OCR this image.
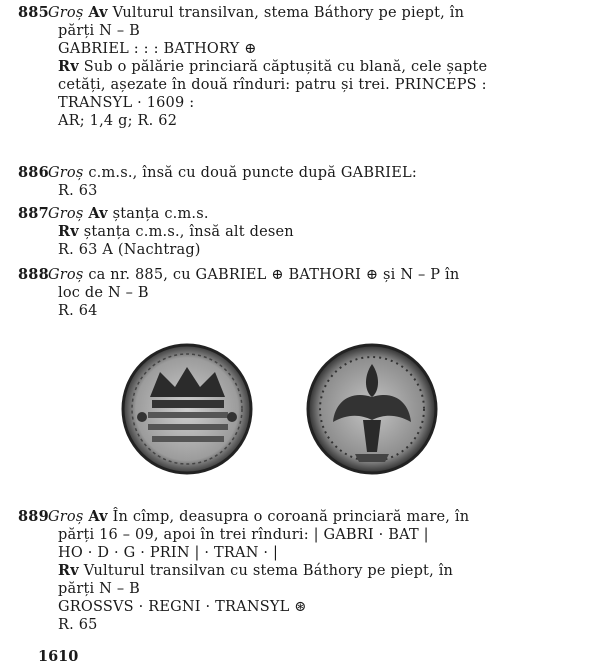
885Groș Av Vulturul transilvan, stema Báthory pe piept, în
părți N – B
GABRIEL : : : BATHORY ⊕
Rv Sub o pălărie princiară căptușită cu blană, cele șapte
cetăți, așezate în două rînduri: patru și trei. PRINCEPS :
TRANSYL · 1609 :
AR; 1,4 g; R. 62
886Groș c.m.s., însă cu două puncte după GABRIEL:
R. 63
887Groș Av ștanța c.m.s.
Rv ștanța c.m.s., însă alt desen
R. 63 A (Nachtrag)
888Groș ca nr. 885, cu GABRIEL ⊕ BATHORI ⊕ și N – P în
loc de N – B
R. 64
889Groș Av În cîmp, deasupra o coroană princiară mare, în
părți 16 – 09, apoi în trei rînduri: | GABRI · BAT |
HO · D · G · PRIN | · TRAN · |
Rv Vulturul transilvan cu stema Báthory pe piept, în
părți N – B
GROSSVS · REGNI · TRANSYL ⊛
R. 65
1610
